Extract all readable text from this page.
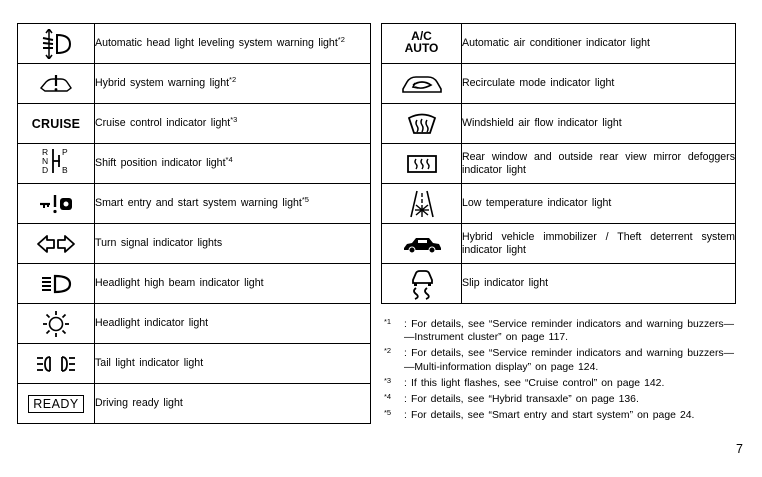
	Automatic head light leveling system warning light$^{*2}$
	Hybrid system warning light$^{*2}$
CRUISE	Cruise control indicator light$^{*3}$

R P
N
D B	Shift position indicator light$^{*4}$
	Smart entry and start system warning light$^{*5}$
	Turn signal indicator lights
	Headlight high beam indicator light
	Headlight indicator light
	Tail light indicator light
READY	Driving ready light
A/C
AUTO	Automatic air conditioner indicator light
	Recirculate mode indicator light
	Windshield air flow indicator light
	Rear window and outside rear view mirror defoggers indicator light
	Low temperature indicator light
	Hybrid vehicle immobilizer / Theft deterrent system indicator light
	Slip indicator light
$^{*1}$ : For details, see “Service reminder indicators and warning buzzers— —Instrument cluster” on page 117.
$^{*2}$ : For details, see “Service reminder indicators and warning buzzers— —Multi-information display” on page 124.
$^{*3}$ : If this light flashes, see “Cruise control” on page 142.
$^{*4}$ : For details, see “Hybrid transaxle” on page 136.
$^{*5}$ : For details, see “Smart entry and start system” on page 24.
7
